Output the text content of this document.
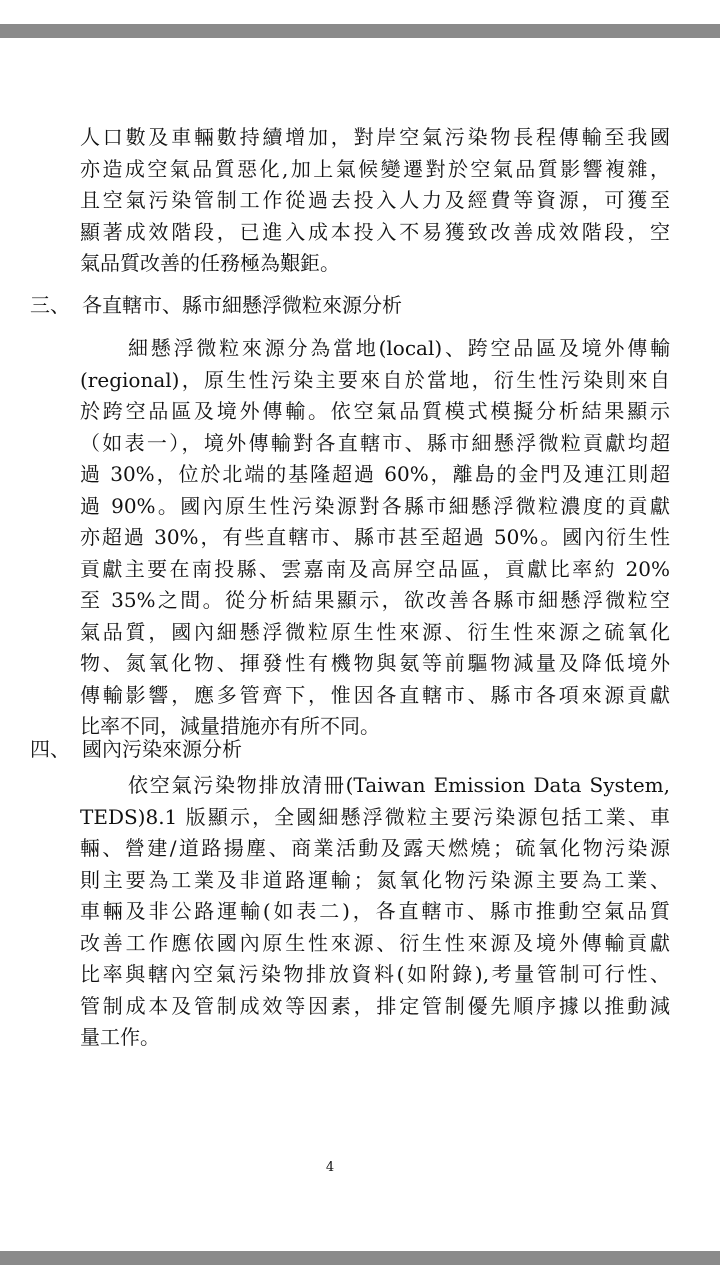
人口數及車輛數持續增加，對岸空氣污染物長程傳輸至我國
亦造成空氣品質惡化,加上氣候變遷對於空氣品質影響複雜，
且空氣污染管制工作從過去投入人力及經費等資源，可獲至
顯著成效階段，已進入成本投入不易獲致改善成效階段，空
氣品質改善的任務極為艱鉅。
三、 各直轄市、縣市細懸浮微粒來源分析
細懸浮微粒來源分為當地(local)、跨空品區及境外傳輸
(regional)，原生性污染主要來自於當地，衍生性污染則來自
於跨空品區及境外傳輸。依空氣品質模式模擬分析結果顯示
（如表一），境外傳輸對各直轄市、縣市細懸浮微粒貢獻均超
過 30%，位於北端的基隆超過 60%，離島的金門及連江則超
過 90%。國內原生性污染源對各縣市細懸浮微粒濃度的貢獻
亦超過 30%，有些直轄市、縣市甚至超過 50%。國內衍生性
貢獻主要在南投縣、雲嘉南及高屏空品區，貢獻比率約 20%
至 35%之間。從分析結果顯示，欲改善各縣市細懸浮微粒空
氣品質，國內細懸浮微粒原生性來源、衍生性來源之硫氧化
物、氮氧化物、揮發性有機物與氨等前驅物減量及降低境外
傳輸影響，應多管齊下，惟因各直轄市、縣市各項來源貢獻
比率不同，減量措施亦有所不同。
四、 國內污染來源分析
依空氣污染物排放清冊(Taiwan Emission Data System,
TEDS)8.1 版顯示，全國細懸浮微粒主要污染源包括工業、車
輛、營建/道路揚塵、商業活動及露天燃燒；硫氧化物污染源
則主要為工業及非道路運輸；氮氧化物污染源主要為工業、
車輛及非公路運輸(如表二)，各直轄市、縣市推動空氣品質
改善工作應依國內原生性來源、衍生性來源及境外傳輸貢獻
比率與轄內空氣污染物排放資料(如附錄),考量管制可行性、
管制成本及管制成效等因素，排定管制優先順序據以推動減
量工作。
4
